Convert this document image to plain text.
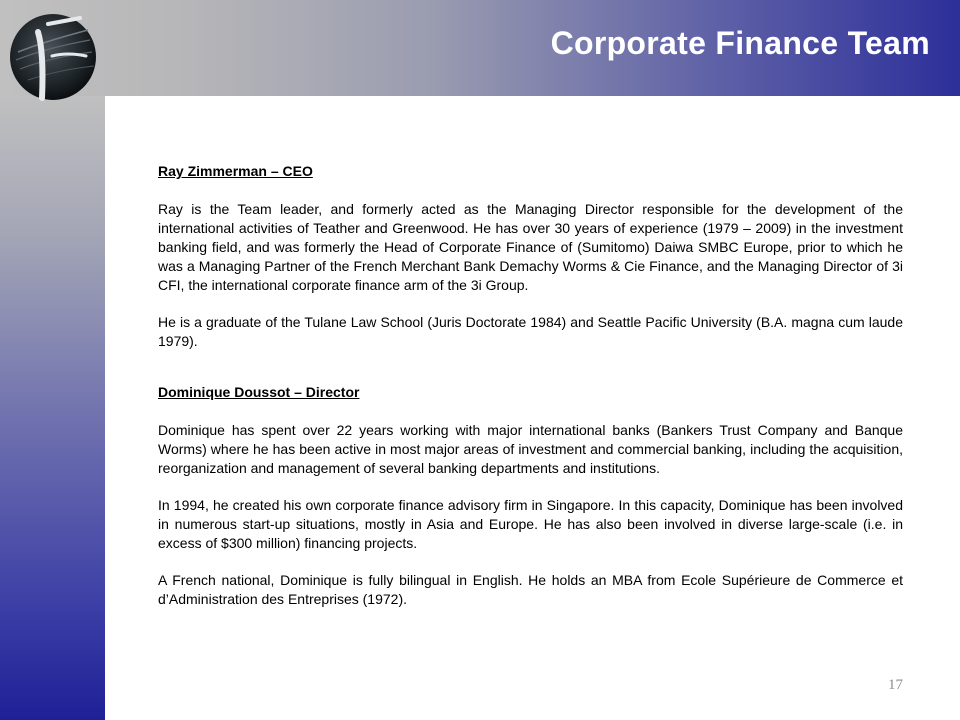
Corporate Finance Team
Ray Zimmerman – CEO

Ray is the Team leader, and formerly acted as the Managing Director responsible for the development of the international activities of Teather and Greenwood. He has over 30 years of experience (1979 – 2009) in the investment banking field, and was formerly the Head of Corporate Finance of (Sumitomo) Daiwa SMBC Europe, prior to which he was a Managing Partner of the French Merchant Bank Demachy Worms & Cie Finance, and the Managing Director of 3i CFI, the international corporate finance arm of the 3i Group.

He is a graduate of the Tulane Law School (Juris Doctorate 1984) and Seattle Pacific University (B.A. magna cum laude 1979).

Dominique Doussot – Director

Dominique has spent over 22 years working with major international banks (Bankers Trust Company and Banque Worms) where he has been active in most major areas of investment and commercial banking, including the acquisition, reorganization and management of several banking departments and institutions.

In 1994, he created his own corporate finance advisory firm in Singapore. In this capacity, Dominique has been involved in numerous start-up situations, mostly in Asia and Europe. He has also been involved in diverse large-scale (i.e. in excess of $300 million) financing projects.

A French national, Dominique is fully bilingual in English. He holds an MBA from Ecole Supérieure de Commerce et d’Administration des Entreprises (1972).

17
